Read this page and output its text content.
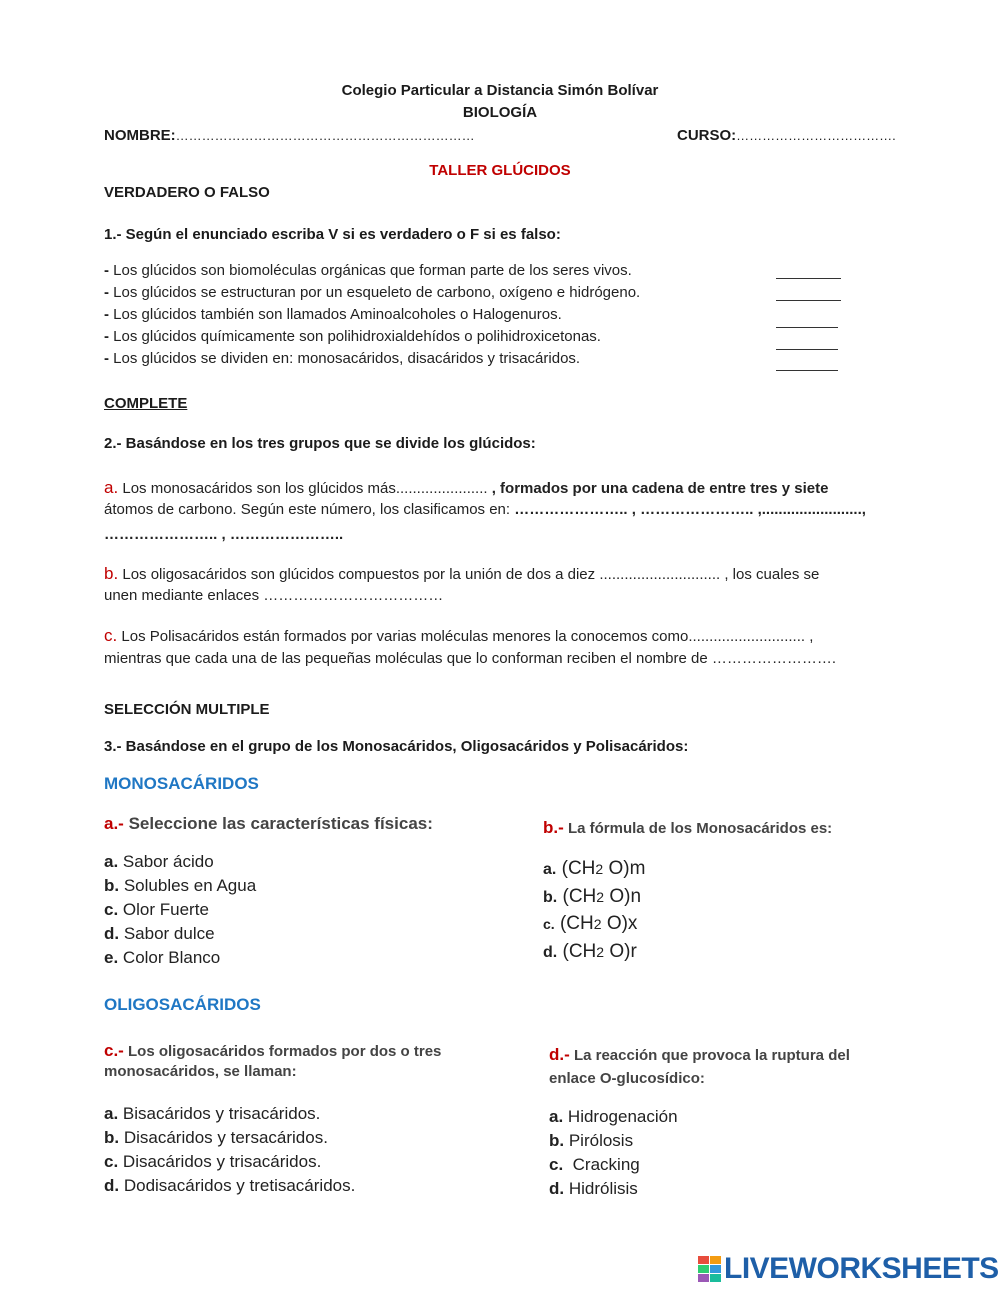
Colegio Particular a Distancia Simón Bolívar
BIOLOGÍA
NOMBRE:……………………………………………………………	CURSO:……………………………….
TALLER GLÚCIDOS
VERDADERO O FALSO
1.- Según el enunciado escriba V si es verdadero o F si es falso:
- Los glúcidos son biomoléculas orgánicas que forman parte de los seres vivos.
- Los glúcidos se estructuran por un esqueleto de carbono, oxígeno e hidrógeno.
- Los glúcidos también son llamados Aminoalcoholes o Halogenuros.
- Los glúcidos químicamente son polihidroxialdehídos o polihidroxicetonas.
- Los glúcidos se dividen en: monosacáridos, disacáridos y trisacáridos.
COMPLETE
2.- Basándose en los tres grupos que se divide los glúcidos:
a. Los monosacáridos son los glúcidos más...................... , formados por una cadena de entre tres y siete
átomos de carbono. Según este número, los clasificamos en: ………………….. , ………………….. ,........................,
………………….. , …………………..
b. Los oligosacáridos son glúcidos compuestos por la unión de dos a diez ............................. , los cuales se
unen mediante enlaces ………………………………
c. Los Polisacáridos están formados por varias moléculas menores la conocemos como............................ ,
mientras que cada una de las pequeñas moléculas que lo conforman reciben el nombre de …………………….
SELECCIÓN MULTIPLE
3.- Basándose en el grupo de los Monosacáridos, Oligosacáridos y Polisacáridos:
MONOSACÁRIDOS
a.- Seleccione las características físicas:
a. Sabor ácido
b. Solubles en Agua
c. Olor Fuerte
d. Sabor dulce
e. Color Blanco
b.- La fórmula de los Monosacáridos es:
a. (CH2 O)m
b. (CH2 O)n
c. (CH2 O)x
d. (CH2 O)r
OLIGOSACÁRIDOS
c.- Los oligosacáridos formados por dos o tres
monosacáridos, se llaman:
a. Bisacáridos y trisacáridos.
b. Disacáridos y tersacáridos.
c. Disacáridos y trisacáridos.
d. Dodisacáridos y tretisacáridos.
d.- La reacción que provoca la ruptura del
enlace O-glucosídico:
a. Hidrogenación
b. Pirólosis
c.  Cracking
d. Hidrólisis
LIVEWORKSHEETS
